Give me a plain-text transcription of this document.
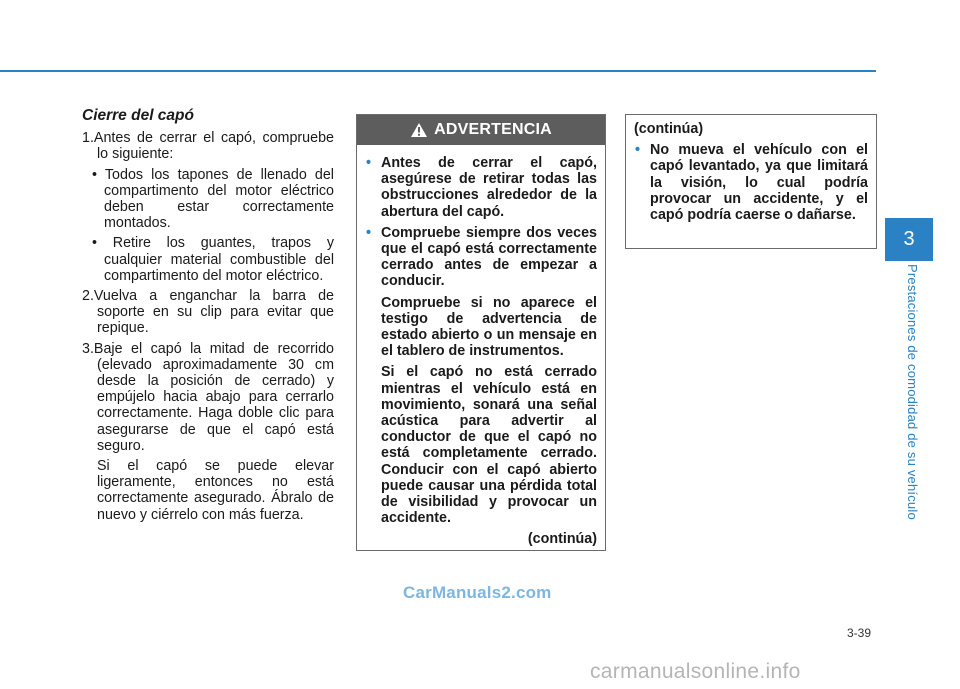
Cierre del capó
1.Antes de cerrar el capó, compruebe lo siguiente:
• Todos los tapones de llenado del compartimento del motor eléctrico deben estar correctamente montados.
• Retire los guantes, trapos y cualquier material combustible del compartimento del motor eléctrico.
2.Vuelva a enganchar la barra de soporte en su clip para evitar que repique.
3.Baje el capó la mitad de recorrido (elevado aproximadamente 30 cm desde la posición de cerrado) y empújelo hacia abajo para cerrarlo correctamente. Haga doble clic para asegurarse de que el capó está seguro.
Si el capó se puede elevar ligeramente, entonces no está correctamente asegurado. Ábralo de nuevo y ciérrelo con más fuerza.
ADVERTENCIA
• Antes de cerrar el capó, asegúrese de retirar todas las obstrucciones alrededor de la abertura del capó.
• Compruebe siempre dos veces que el capó está correctamente cerrado antes de empezar a conducir.
Compruebe si no aparece el testigo de advertencia de estado abierto o un mensaje en el tablero de instrumentos.
Si el capó no está cerrado mientras el vehículo está en movimiento, sonará una señal acústica para advertir al conductor de que el capó no está completamente cerrado. Conducir con el capó abierto puede causar una pérdida total de visibilidad y provocar un accidente.
(continúa)
(continúa)
• No mueva el vehículo con el capó levantado, ya que limitará la visión, lo cual podría provocar un accidente, y el capó podría caerse o dañarse.
3
Prestaciones de comodidad de su vehículo
3-39
CarManuals2.com
carmanualsonline.info
